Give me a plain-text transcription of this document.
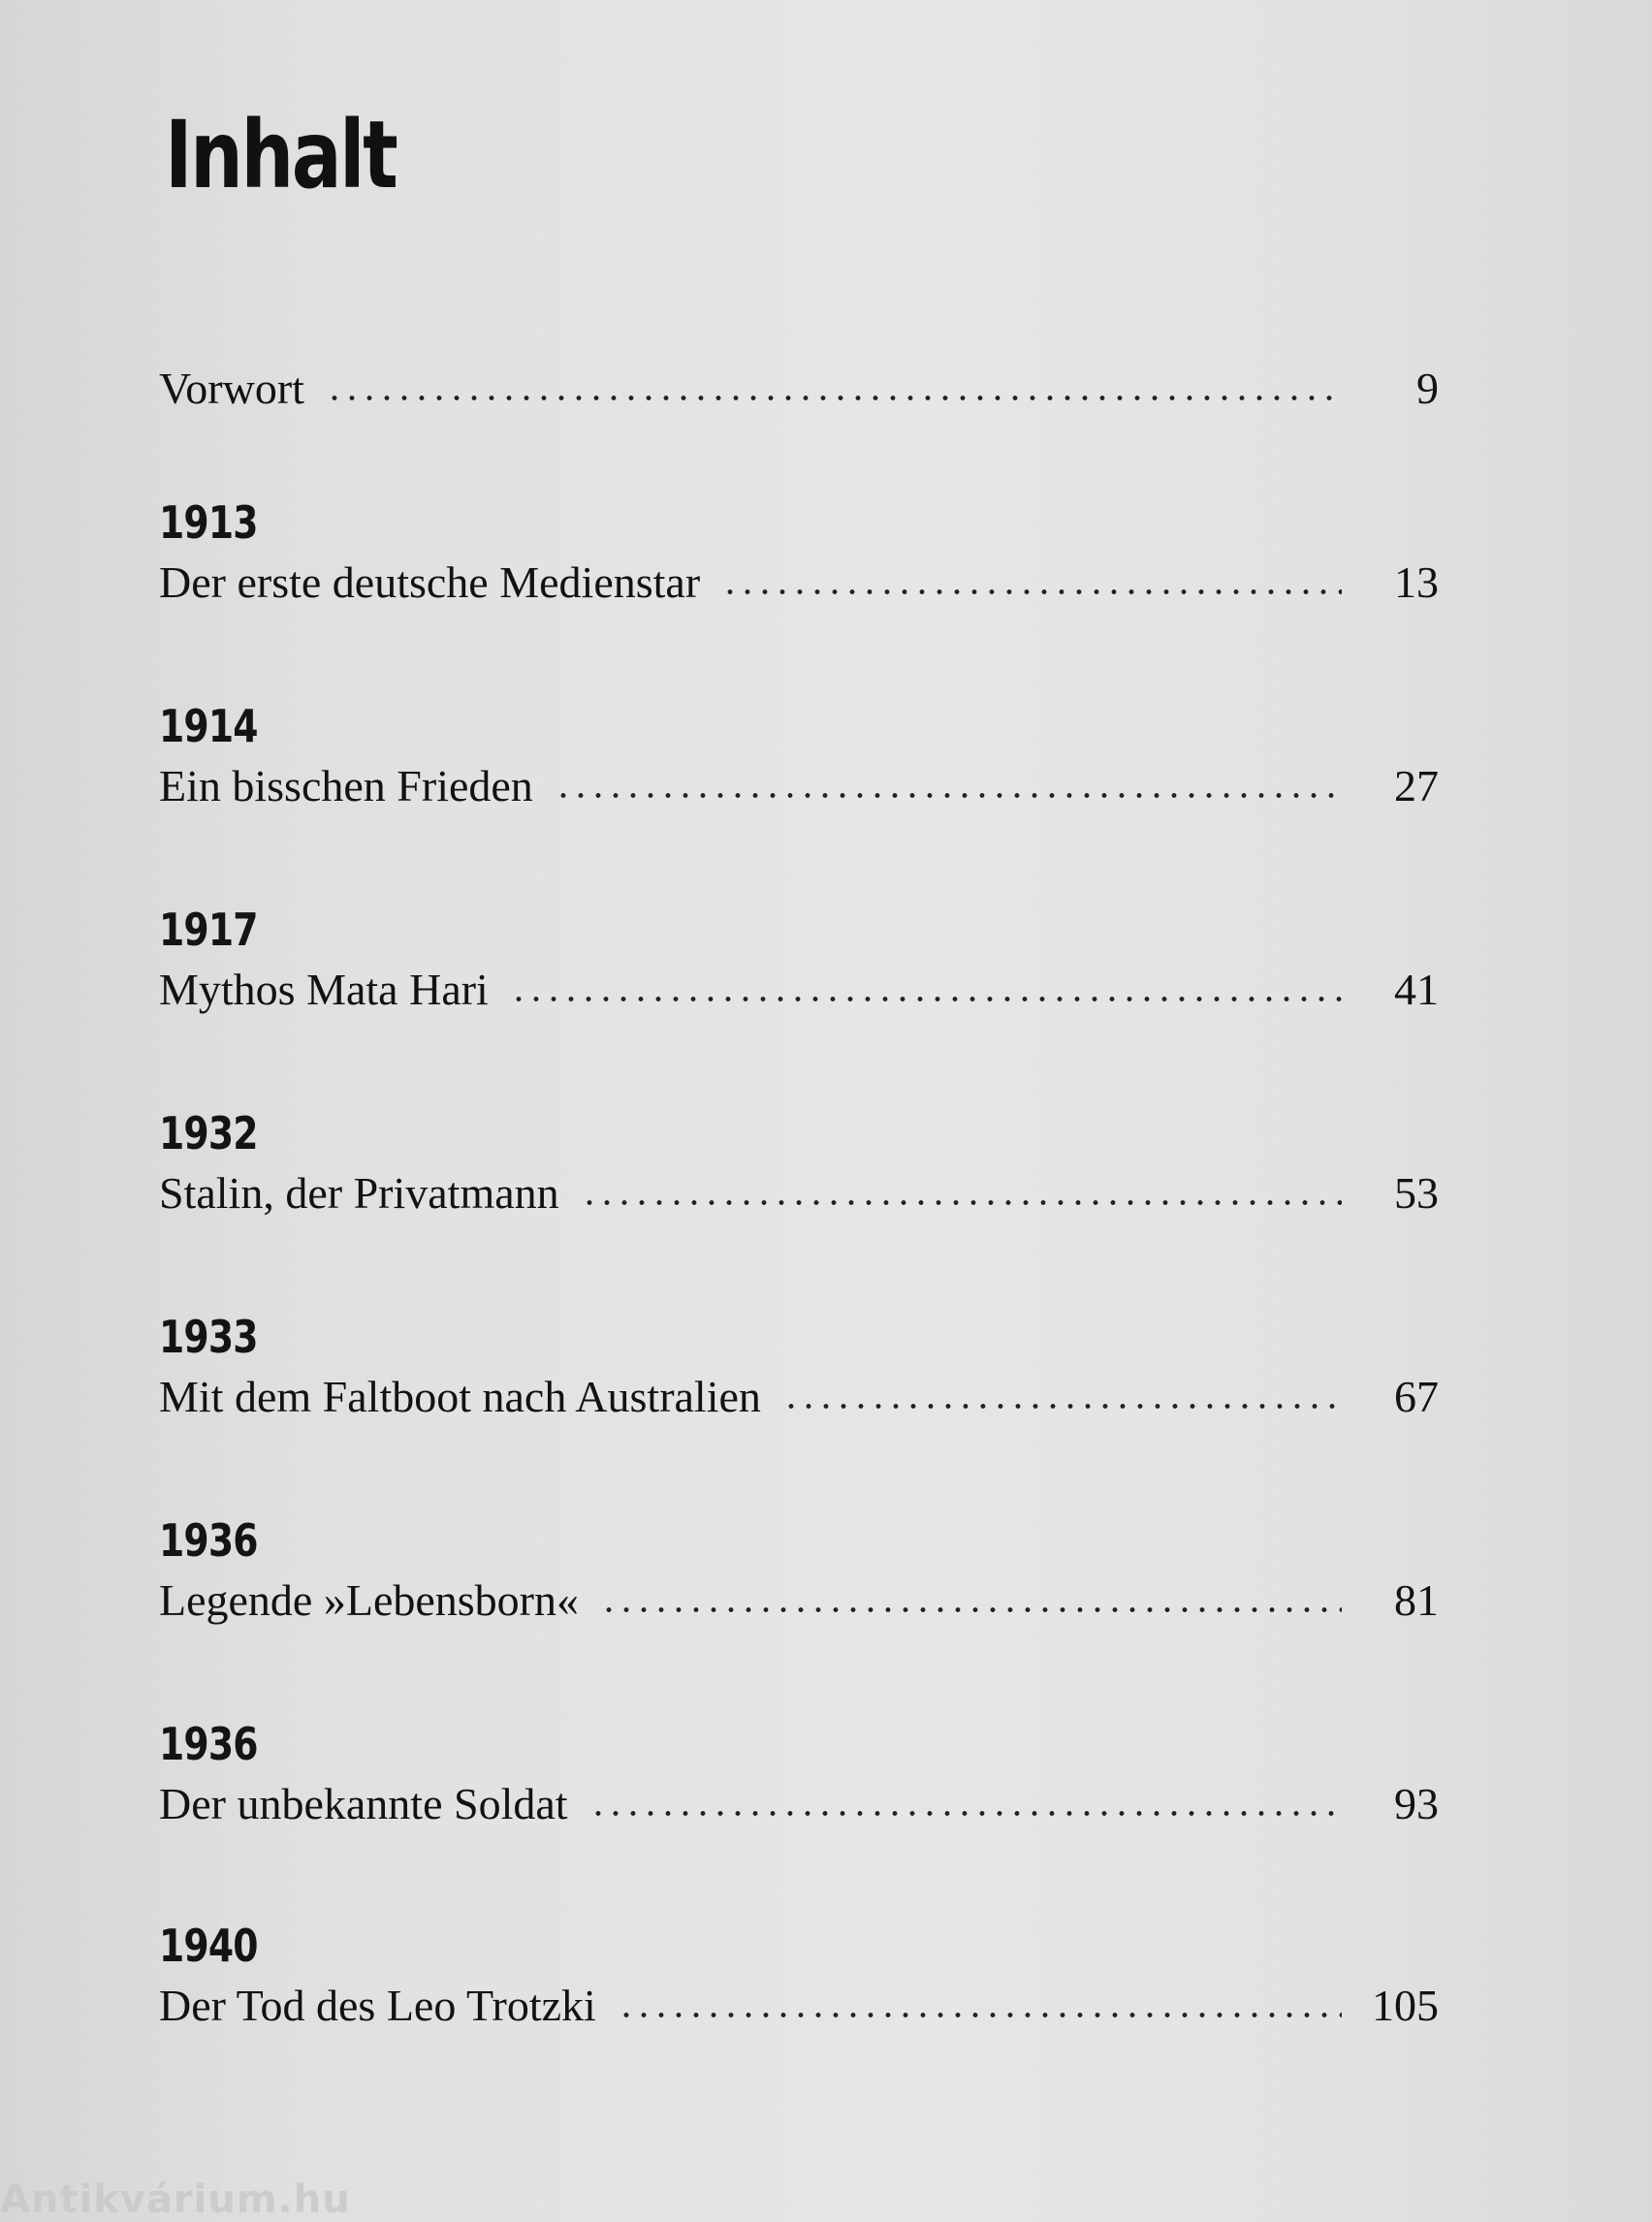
Inhalt
Vorwort	9
1913
Der erste deutsche Medienstar	13
1914
Ein bisschen Frieden	27
1917
Mythos Mata Hari	41
1932
Stalin, der Privatmann	53
1933
Mit dem Faltboot nach Australien	67
1936
Legende »Lebensborn«	81
1936
Der unbekannte Soldat	93
1940
Der Tod des Leo Trotzki	105
Antikvárium.hu
